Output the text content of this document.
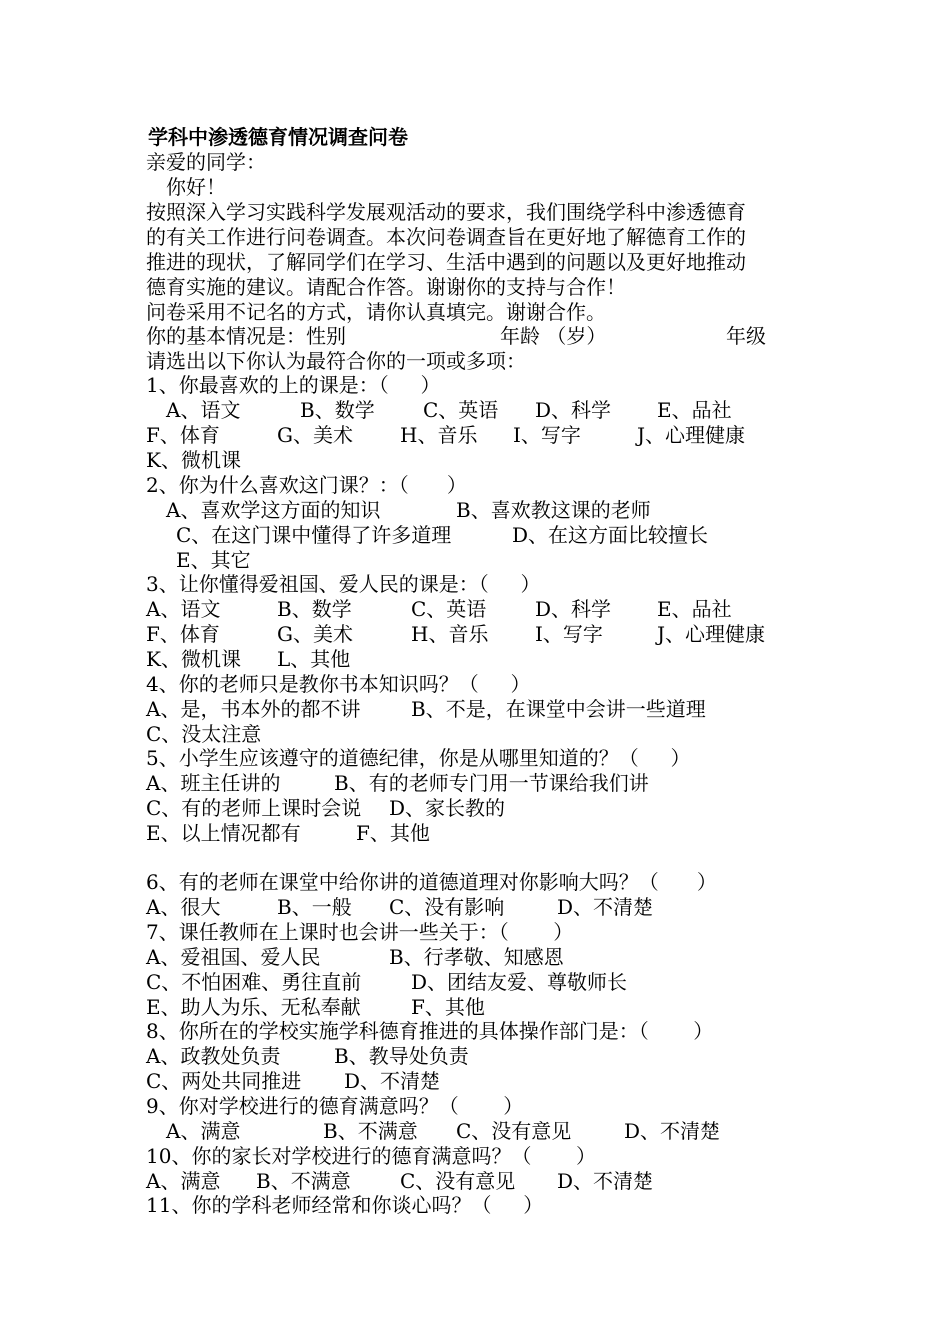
学科中渗透德育情况调查问卷
亲爱的同学：
你好！
按照深入学习实践科学发展观活动的要求，我们围绕学科中渗透德育
的有关工作进行问卷调查。本次问卷调查旨在更好地了解德育工作的
推进的现状，了解同学们在学习、生活中遇到的问题以及更好地推动
德育实施的建议。请配合作答。谢谢你的支持与合作！
问卷采用不记名的方式，请你认真填完。谢谢合作。
你的基本情况是：性别	年龄 （岁）	年级
请选出以下你认为最符合你的一项或多项：
1、你最喜欢的上的课是：（     ）
A、语文	B、数学 C、英语 D、科学 E、品社
F、体育	G、美术 H、音乐 I、写字	J、心理健康
K、微机课
2、你为什么喜欢这门课？：（      ）
A、喜欢学这方面的知识	B、喜欢教这课的老师
C、在这门课中懂得了许多道理	D、在这方面比较擅长
E、其它
3、让你懂得爱祖国、爱人民的课是：（     ）
A、语文	B、数学	C、英语 D、科学 E、品社
F、体育	G、美术	H、音乐 I、写字	J、心理健康
K、微机课 L、其他
4、你的老师只是教你书本知识吗？（     ）
A、是，书本外的都不讲	B、不是，在课堂中会讲一些道理
C、没太注意
5、小学生应该遵守的道德纪律，你是从哪里知道的？（     ）
A、班主任讲的	B、有的老师专门用一节课给我们讲
C、有的老师上课时会说 D、家长教的
E、以上情况都有	F、其他
6、有的老师在课堂中给你讲的道德道理对你影响大吗？（      ）
A、很大	B、一般 C、没有影响	D、不清楚
7、课任教师在上课时也会讲一些关于：（       ）
A、爱祖国、爱人民	B、行孝敬、知感恩
C、不怕困难、勇往直前 D、团结友爱、尊敬师长
E、助人为乐、无私奉献	F、其他
8、你所在的学校实施学科德育推进的具体操作部门是：（       ）
A、政教处负责	B、教导处负责
C、两处共同推进 D、不清楚
9、你对学校进行的德育满意吗？（       ）
A、满意	B、不满意 C、没有意见	D、不清楚
10、你的家长对学校进行的德育满意吗？（       ）
A、满意 B、不满意 C、没有意见 D、不清楚
11、你的学科老师经常和你谈心吗？（     ）
